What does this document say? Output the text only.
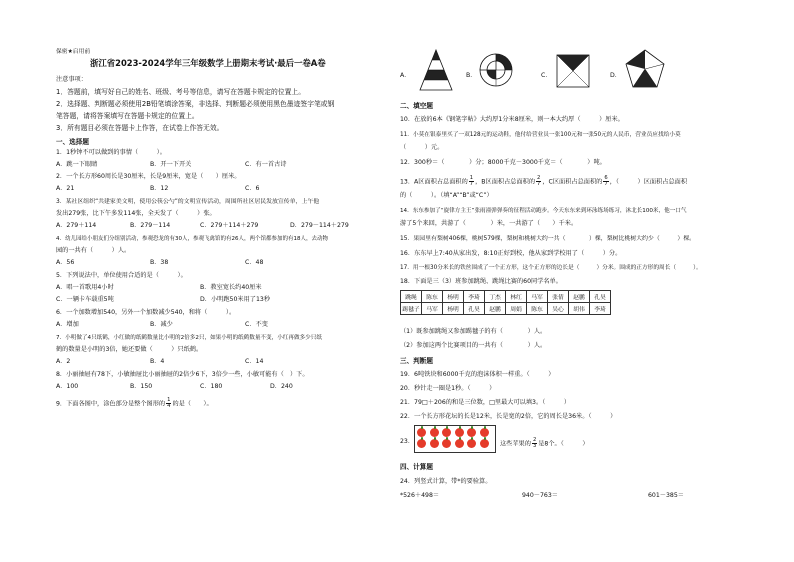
保密★启用前
浙江省2023-2024学年三年级数学上册期末考试·最后一卷A卷
注意事项：
1．答题前，填写好自己的姓名、班级、考号等信息，请写在答题卡规定的位置上。
2．选择题、判断题必须使用2B铅笔填涂答案，非选择、判断题必须使用黑色墨迹签字笔或钢
笔答题，请将答案填写在答题卡规定的位置上。
3．所有题目必须在答题卡上作答，在试卷上作答无效。
一、选择题
1．1秒钟不可以做到的事情（　　　）。
A．跳一下眼睛	B．开一下开关	C．有一首古诗
2．一个长方形60周长是30厘米，长是9厘米，宽是（　　）厘米。
A．21	B．12	C．6
3．某社区组织“共建家美文明，使用公筷公勺”的文明宣传活动，周围所社区居民发放宣传单，上午他
发出279张，比下午多发114张，全天发了（　　　）张。
A．279＋114	B．279－114	C．279＋114＋279	D．279－114＋279
4．幼儿园给小朋友们分组别活动，参观恐龙的有30人，参观飞禽馆的有26人，两个馆都参加的有18人，去动物
园的一共有（　　　）人。
A．56	B．38	C．48
5．下列说法中，单位使用合适的是（　　　）。
A．唱一首歌用4小时	B．教室宽长约40厘米
C．一辆卡车载重5吨	D．小明跑50米用了13秒
6．一个加数增加540，另外一个加数减少540，和将（　　　）。
A．增加	B．减少	C．不变
7．小明做了4只纸鹤，小红做的纸鹤数量比小明的2倍多2只，如果小明的纸鹤数量不变，小红再做多少只纸
鹤的数量是小明的3倍，她还要做（　　　）只纸鹤。
A．2	B．4	C．14
8．小丽抽屉有78下，小敏抽屉比小丽抽屉的2倍少6下，3倍少一些，小敏可能有（　）下。
A．100	B．150	C．180	D．240
9．下面各图中，涂色部分是整个图形的 $\frac{1}{4}$ 的是（　　）。
A．	B．	C．	D．
二、填空题
10．在放的6本《钢笔字帖》大约厚1分米8厘米，则一本大约厚（　　　）厘米。
11．小莫在银泰里买了一双128元的运动鞋，他付给营业员一张100元和一张50元的人民币，营业员应找给小莫
（　　　）元。
12．300秒＝（　　　　）分；8000千克－3000千克＝（　　　　）吨。
13．A区面积占总面积的 $\frac{1}{7}$ ，B区面积占总面积的 $\frac{2}{7}$ ，C区面积占总面积的 $\frac{6}{7}$ ，（　　　）区面积占总面积
的（　　　）。（填“A”“B”或“C”）
14．东东参加了“旋律方主王”张雨潼弹弹奏的征程活动跑步。今天东东来到环泳练场练习，沐北长100米，他一口气
游了5个来回，共游了（　　　　）米，一共游了（　　）千米。
15．果园里有梨树406棵，桃树579棵，梨树和桃树大约一共（　　　　）棵，梨树比桃树大约少（　　　）棵。
16．东东早上7:40从家出发，8:10正好到校，他从家到学校用了（　　　）分。
17．用一根30分米长的铁丝围成了一个正方形，这个正方形的边长是（　　　）分米。围成的正方形的周长（　　　）。
18．下面是三（3）班参加跳绳、跳绳比赛的60同学名单。
跳绳	陈东	杨明	李琦	丁杰	林红	马军	张倩	赵鹏	孔昊
踢毽子	马军	杨明	孔昊	赵鹏	周娟	陈东	吴心	胡伟	李琦
（1）既参加跳绳又参加踢毽子的有（　　　　）人。
（2）参加这两个比赛项目的一共有（　　　　）人。
三、判断题
19．6吨铁块和6000千克的泡沫体积一样重。（　　　）
20．秒针走一圈是1秒。（　　　）
21．79□＋206的和是三位数，□里最大可以填3。（　　　）
22．一个长方形花坛的长是12米，长是宽的2倍，它的周长是36米。（　　　）
23．	这些苹果的 $\frac{2}{3}$ 是8个。（　　　）
四、计算题
24．列竖式计算，带*的要验算。
*526＋498＝	940－763＝	601－385＝
